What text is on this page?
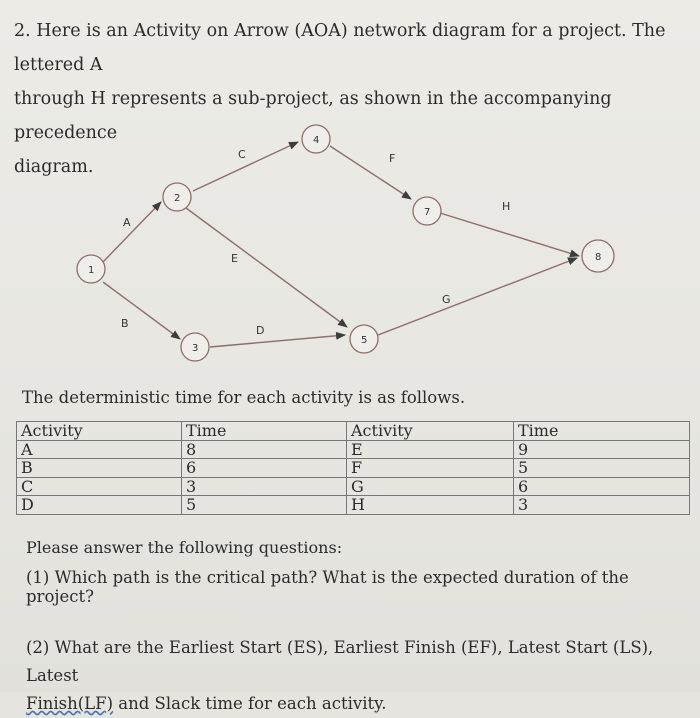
2. Here is an Activity on Arrow (AOA) network diagram for a project. The lettered A

through H represents a sub-project, as shown in the accompanying precedence

diagram.

A
B
C
D
E
F
G
H
1
2
3
4
5
7
8
The deterministic time for each activity is as follows.
Activity	Time	Activity	Time
A	8	E	9
B	6	F	5
C	3	G	6
D	5	H	3
Please answer the following questions:
(1) Which path is the critical path? What is the expected duration of the project?
(2) What are the Earliest Start (ES), Earliest Finish (EF), Latest Start (LS), Latest
Finish(LF) and Slack time for each activity.
